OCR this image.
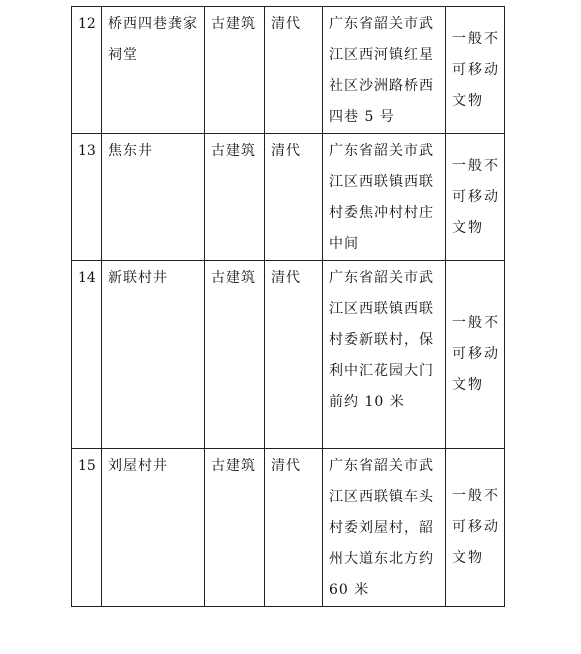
12	桥西四巷龚家祠堂	古建筑	清代	广东省韶关市武江区西河镇红星社区沙洲路桥西四巷 5 号	一般不可移动文物

13	焦东井	古建筑	清代	广东省韶关市武江区西联镇西联村委焦冲村村庄中间	一般不可移动文物

14	新联村井	古建筑	清代	广东省韶关市武江区西联镇西联村委新联村，保利中汇花园大门前约 10 米	一般不可移动文物

15	刘屋村井	古建筑	清代	广东省韶关市武江区西联镇车头村委刘屋村，韶州大道东北方约 60 米	一般不可移动文物
